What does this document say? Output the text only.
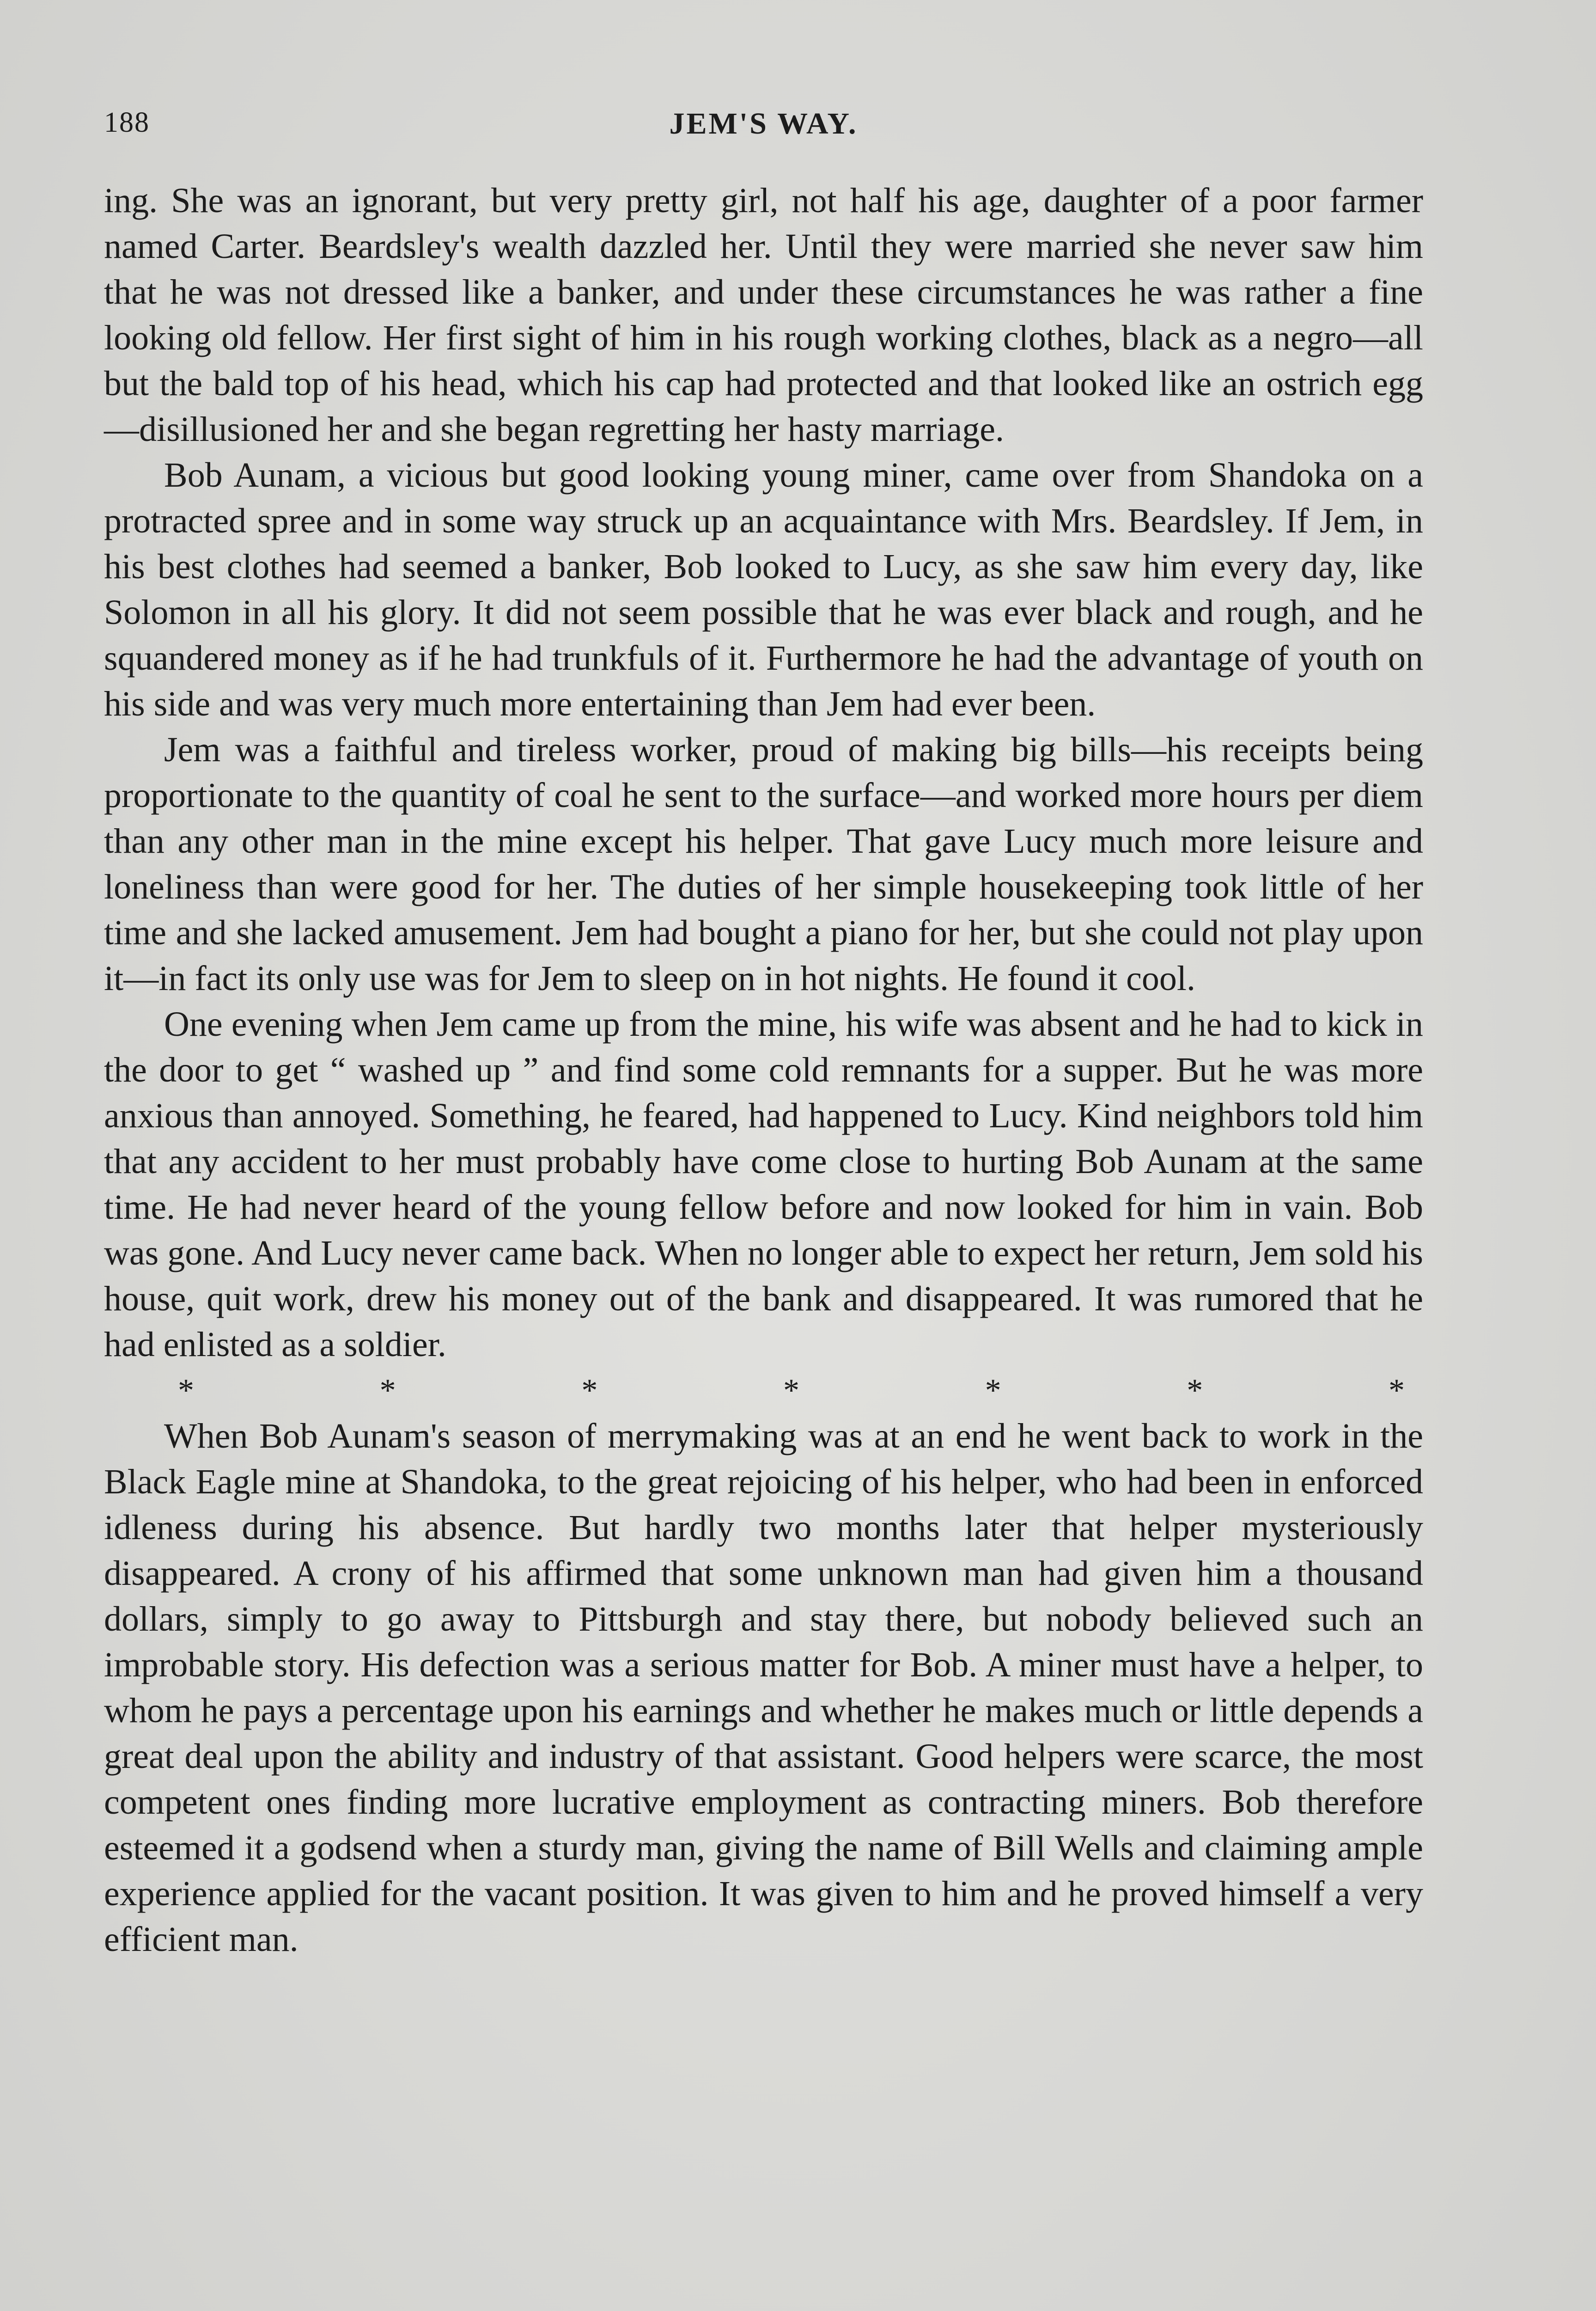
188	JEM'S WAY.

ing. She was an ignorant, but very pretty girl, not half his age, daughter of a poor farmer named Carter. Beardsley's wealth dazzled her. Until they were married she never saw him that he was not dressed like a banker, and under these circumstances he was rather a fine looking old fellow. Her first sight of him in his rough working clothes, black as a negro—all but the bald top of his head, which his cap had protected and that looked like an ostrich egg—disillusioned her and she began regretting her hasty marriage.

Bob Aunam, a vicious but good looking young miner, came over from Shandoka on a protracted spree and in some way struck up an acquaintance with Mrs. Beardsley. If Jem, in his best clothes had seemed a banker, Bob looked to Lucy, as she saw him every day, like Solomon in all his glory. It did not seem possible that he was ever black and rough, and he squandered money as if he had trunkfuls of it. Furthermore he had the advantage of youth on his side and was very much more entertaining than Jem had ever been.

Jem was a faithful and tireless worker, proud of making big bills—his receipts being proportionate to the quantity of coal he sent to the surface—and worked more hours per diem than any other man in the mine except his helper. That gave Lucy much more leisure and loneliness than were good for her. The duties of her simple housekeeping took little of her time and she lacked amusement. Jem had bought a piano for her, but she could not play upon it—in fact its only use was for Jem to sleep on in hot nights. He found it cool.

One evening when Jem came up from the mine, his wife was absent and he had to kick in the door to get “ washed up ” and find some cold remnants for a supper. But he was more anxious than annoyed. Something, he feared, had happened to Lucy. Kind neighbors told him that any accident to her must probably have come close to hurting Bob Aunam at the same time. He had never heard of the young fellow before and now looked for him in vain. Bob was gone. And Lucy never came back. When no longer able to expect her return, Jem sold his house, quit work, drew his money out of the bank and disappeared. It was rumored that he had enlisted as a soldier.

*	*	*	*	*	*	*

When Bob Aunam's season of merrymaking was at an end he went back to work in the Black Eagle mine at Shandoka, to the great rejoicing of his helper, who had been in enforced idleness during his absence. But hardly two months later that helper mysteriously disappeared. A crony of his affirmed that some unknown man had given him a thousand dollars, simply to go away to Pittsburgh and stay there, but nobody believed such an improbable story. His defection was a serious matter for Bob. A miner must have a helper, to whom he pays a percentage upon his earnings and whether he makes much or little depends a great deal upon the ability and industry of that assistant. Good helpers were scarce, the most competent ones finding more lucrative employment as contracting miners. Bob therefore esteemed it a godsend when a sturdy man, giving the name of Bill Wells and claiming ample experience applied for the vacant position. It was given to him and he proved himself a very efficient man.
